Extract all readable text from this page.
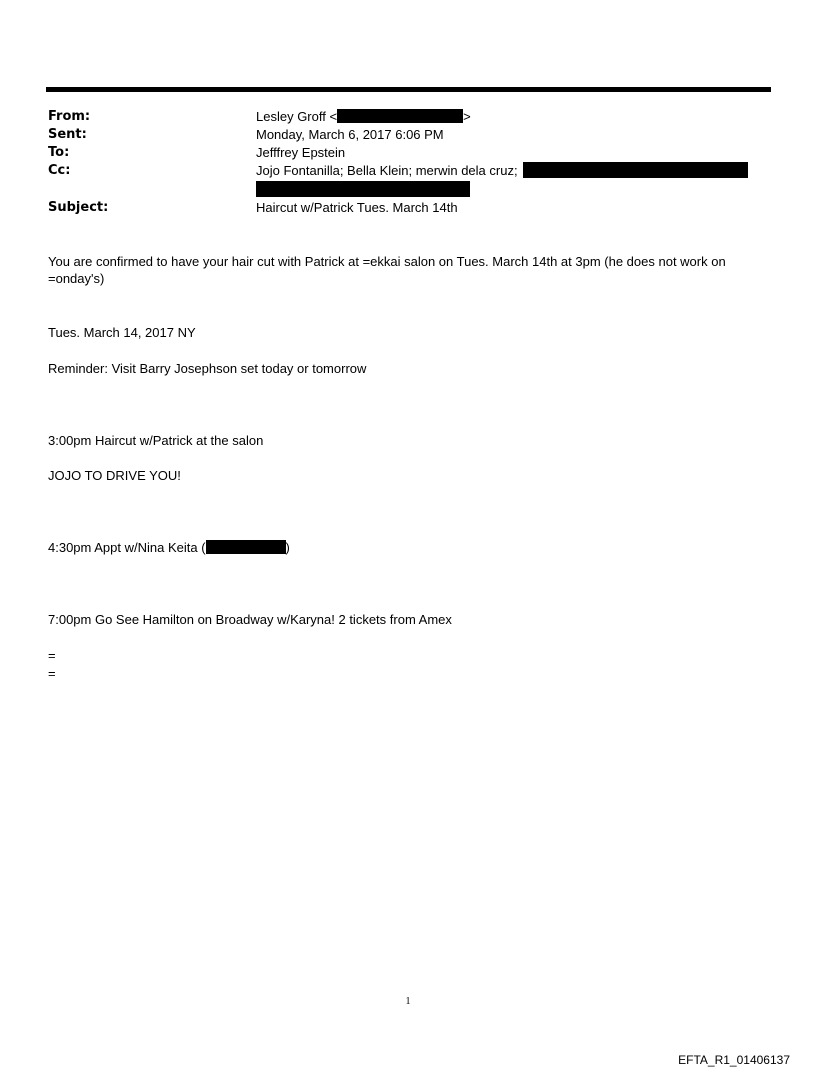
From:	Lesley Groff <	>
Sent:	Monday, March 6, 2017 6:06 PM
To:	Jefffrey Epstein
Cc:	Jojo Fontanilla; Bella Klein; merwin dela cruz;
Subject:	Haircut w/Patrick Tues. March 14th
You are confirmed to have your hair cut with Patrick at =ekkai salon on Tues. March 14th at 3pm (he does not work on
=onday's)
Tues. March 14, 2017 NY
Reminder: Visit Barry Josephson set today or tomorrow
3:00pm Haircut w/Patrick at the salon
JOJO TO DRIVE YOU!
4:30pm Appt w/Nina Keita (	)
7:00pm Go See Hamilton on Broadway w/Karyna! 2 tickets from Amex
=
=
1
EFTA_R1_01406137
